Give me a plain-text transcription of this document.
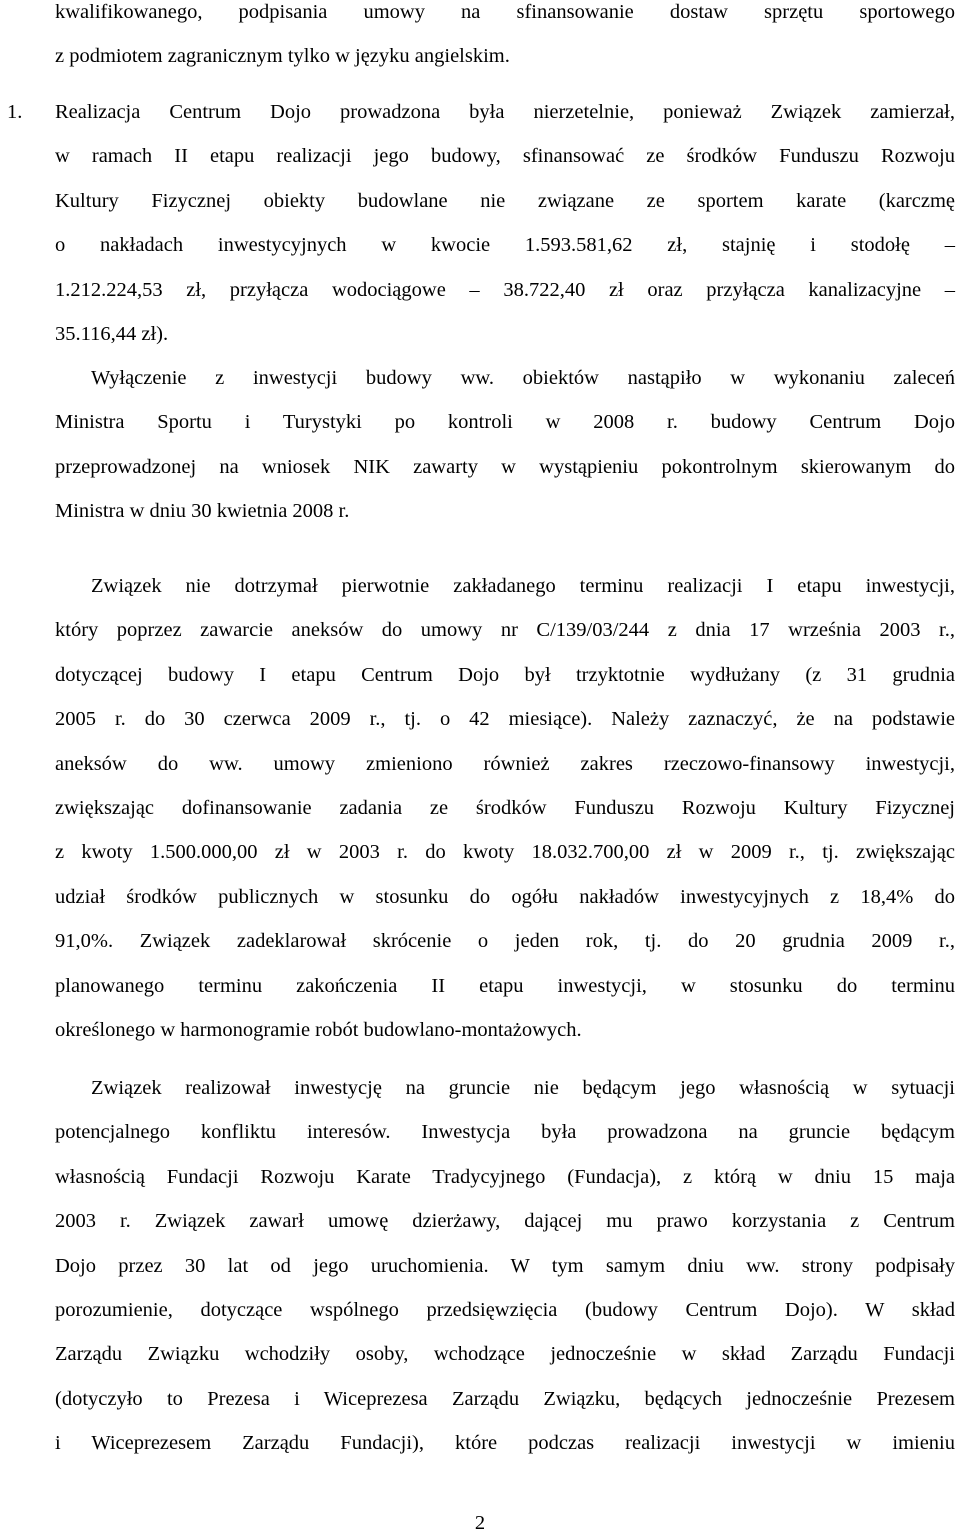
kwalifikowanego, podpisania umowy na sfinansowanie dostaw sprzętu sportowego
z podmiotem zagranicznym tylko w języku angielskim.
1. Realizacja Centrum Dojo prowadzona była nierzetelnie, ponieważ Związek zamierzał,
w ramach II etapu realizacji jego budowy, sfinansować ze środków Funduszu Rozwoju
Kultury Fizycznej obiekty budowlane nie związane ze sportem karate (karczmę
o nakładach inwestycyjnych w kwocie 1.593.581,62 zł, stajnię i stodołę –
1.212.224,53 zł, przyłącza wodociągowe – 38.722,40 zł oraz przyłącza kanalizacyjne –
35.116,44 zł).
Wyłączenie z inwestycji budowy ww. obiektów nastąpiło w wykonaniu zaleceń
Ministra Sportu i Turystyki po kontroli w 2008 r. budowy Centrum Dojo
przeprowadzonej na wniosek NIK zawarty w wystąpieniu pokontrolnym skierowanym do
Ministra w dniu 30 kwietnia 2008 r.
Związek nie dotrzymał pierwotnie zakładanego terminu realizacji I etapu inwestycji,
który poprzez zawarcie aneksów do umowy nr C/139/03/244 z dnia 17 września 2003 r.,
dotyczącej budowy I etapu Centrum Dojo był trzyktotnie wydłużany (z 31 grudnia
2005 r. do 30 czerwca 2009 r., tj. o 42 miesiące). Należy zaznaczyć, że na podstawie
aneksów do ww. umowy zmieniono również zakres rzeczowo-finansowy inwestycji,
zwiększając dofinansowanie zadania ze środków Funduszu Rozwoju Kultury Fizycznej
z kwoty 1.500.000,00 zł w 2003 r. do kwoty 18.032.700,00 zł w 2009 r., tj. zwiększając
udział środków publicznych w stosunku do ogółu nakładów inwestycyjnych z 18,4% do
91,0%. Związek zadeklarował skrócenie o jeden rok, tj. do 20 grudnia 2009 r.,
planowanego terminu zakończenia II etapu inwestycji, w stosunku do terminu
określonego w harmonogramie robót budowlano-montażowych.
Związek realizował inwestycję na gruncie nie będącym jego własnością w sytuacji
potencjalnego konfliktu interesów. Inwestycja była prowadzona na gruncie będącym
własnością Fundacji Rozwoju Karate Tradycyjnego (Fundacja), z którą w dniu 15 maja
2003 r. Związek zawarł umowę dzierżawy, dającej mu prawo korzystania z Centrum
Dojo przez 30 lat od jego uruchomienia. W tym samym dniu ww. strony podpisały
porozumienie, dotyczące wspólnego przedsięwzięcia (budowy Centrum Dojo). W skład
Zarządu Związku wchodziły osoby, wchodzące jednocześnie w skład Zarządu Fundacji
(dotyczyło to Prezesa i Wiceprezesa Zarządu Związku, będących jednocześnie Prezesem
i Wiceprezesem Zarządu Fundacji), które podczas realizacji inwestycji w imieniu
2
